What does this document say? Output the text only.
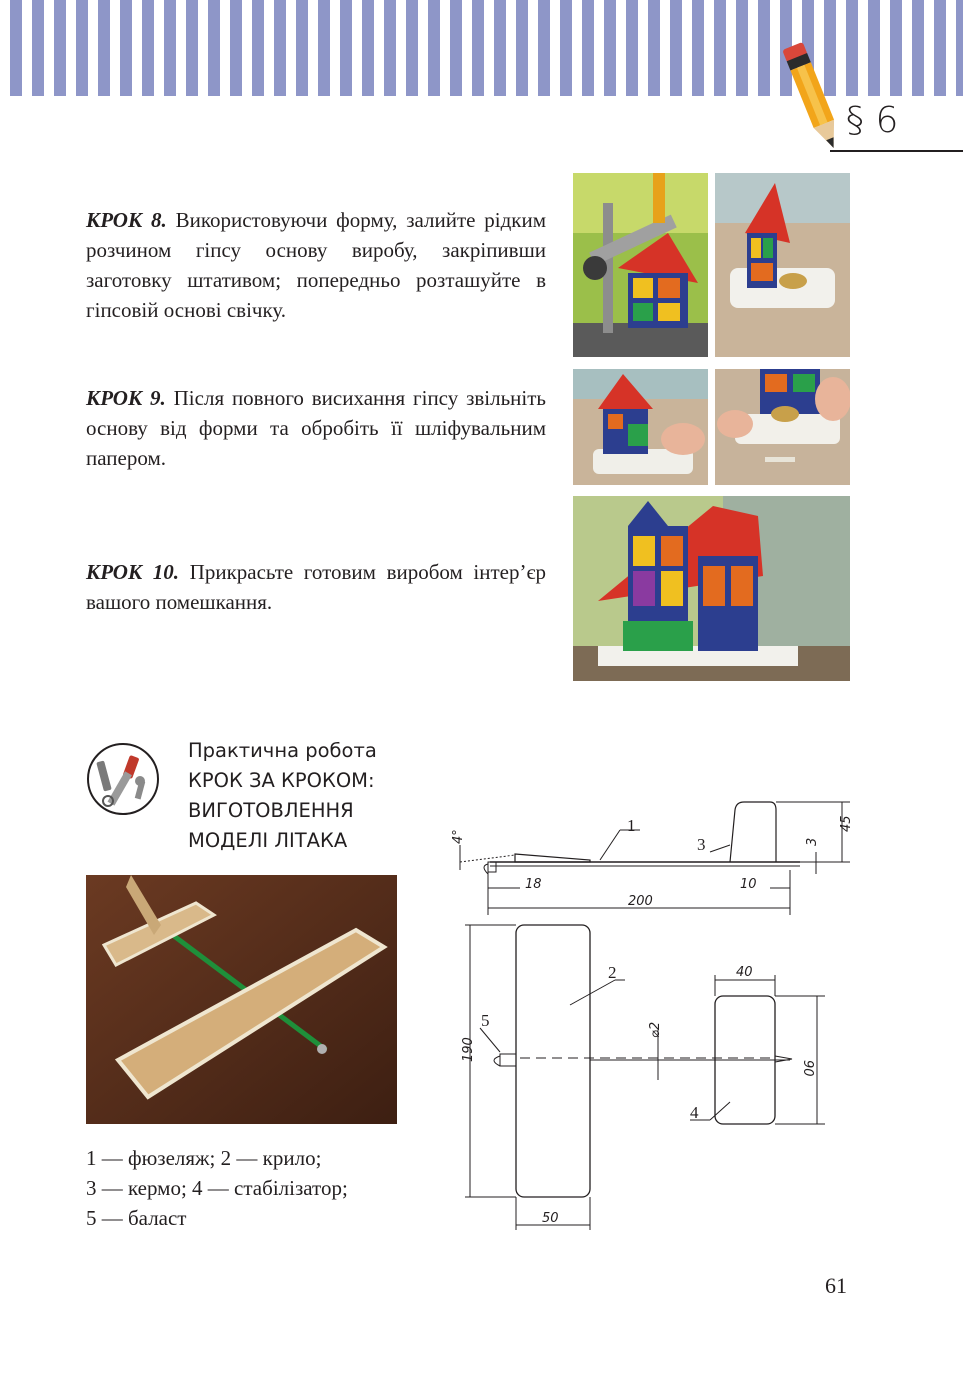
§ 6
КРОК 8. Використовуючи форму, залийте рідким розчином гіпсу основу виробу, закріпивши заготовку штативом; попередньо розташуйте в гіпсовій основі свічку.
КРОК 9. Після повного висихання гіпсу звільніть основу від форми та обробіть її шліфувальним папером.
КРОК 10. Прикрасьте готовим виробом інтер’єр вашого помешкання.
Практична робота
КРОК ЗА КРОКОМ:
ВИГОТОВЛЕННЯ
МОДЕЛІ ЛІТАКА
1 — фюзеляж; 2 — крило;
3 — кермо; 4 — стабілізатор;
5 — баласт
4°
45
3
18	10
200
190
50
40
90
⌀2
1
2
3
4
5
61
